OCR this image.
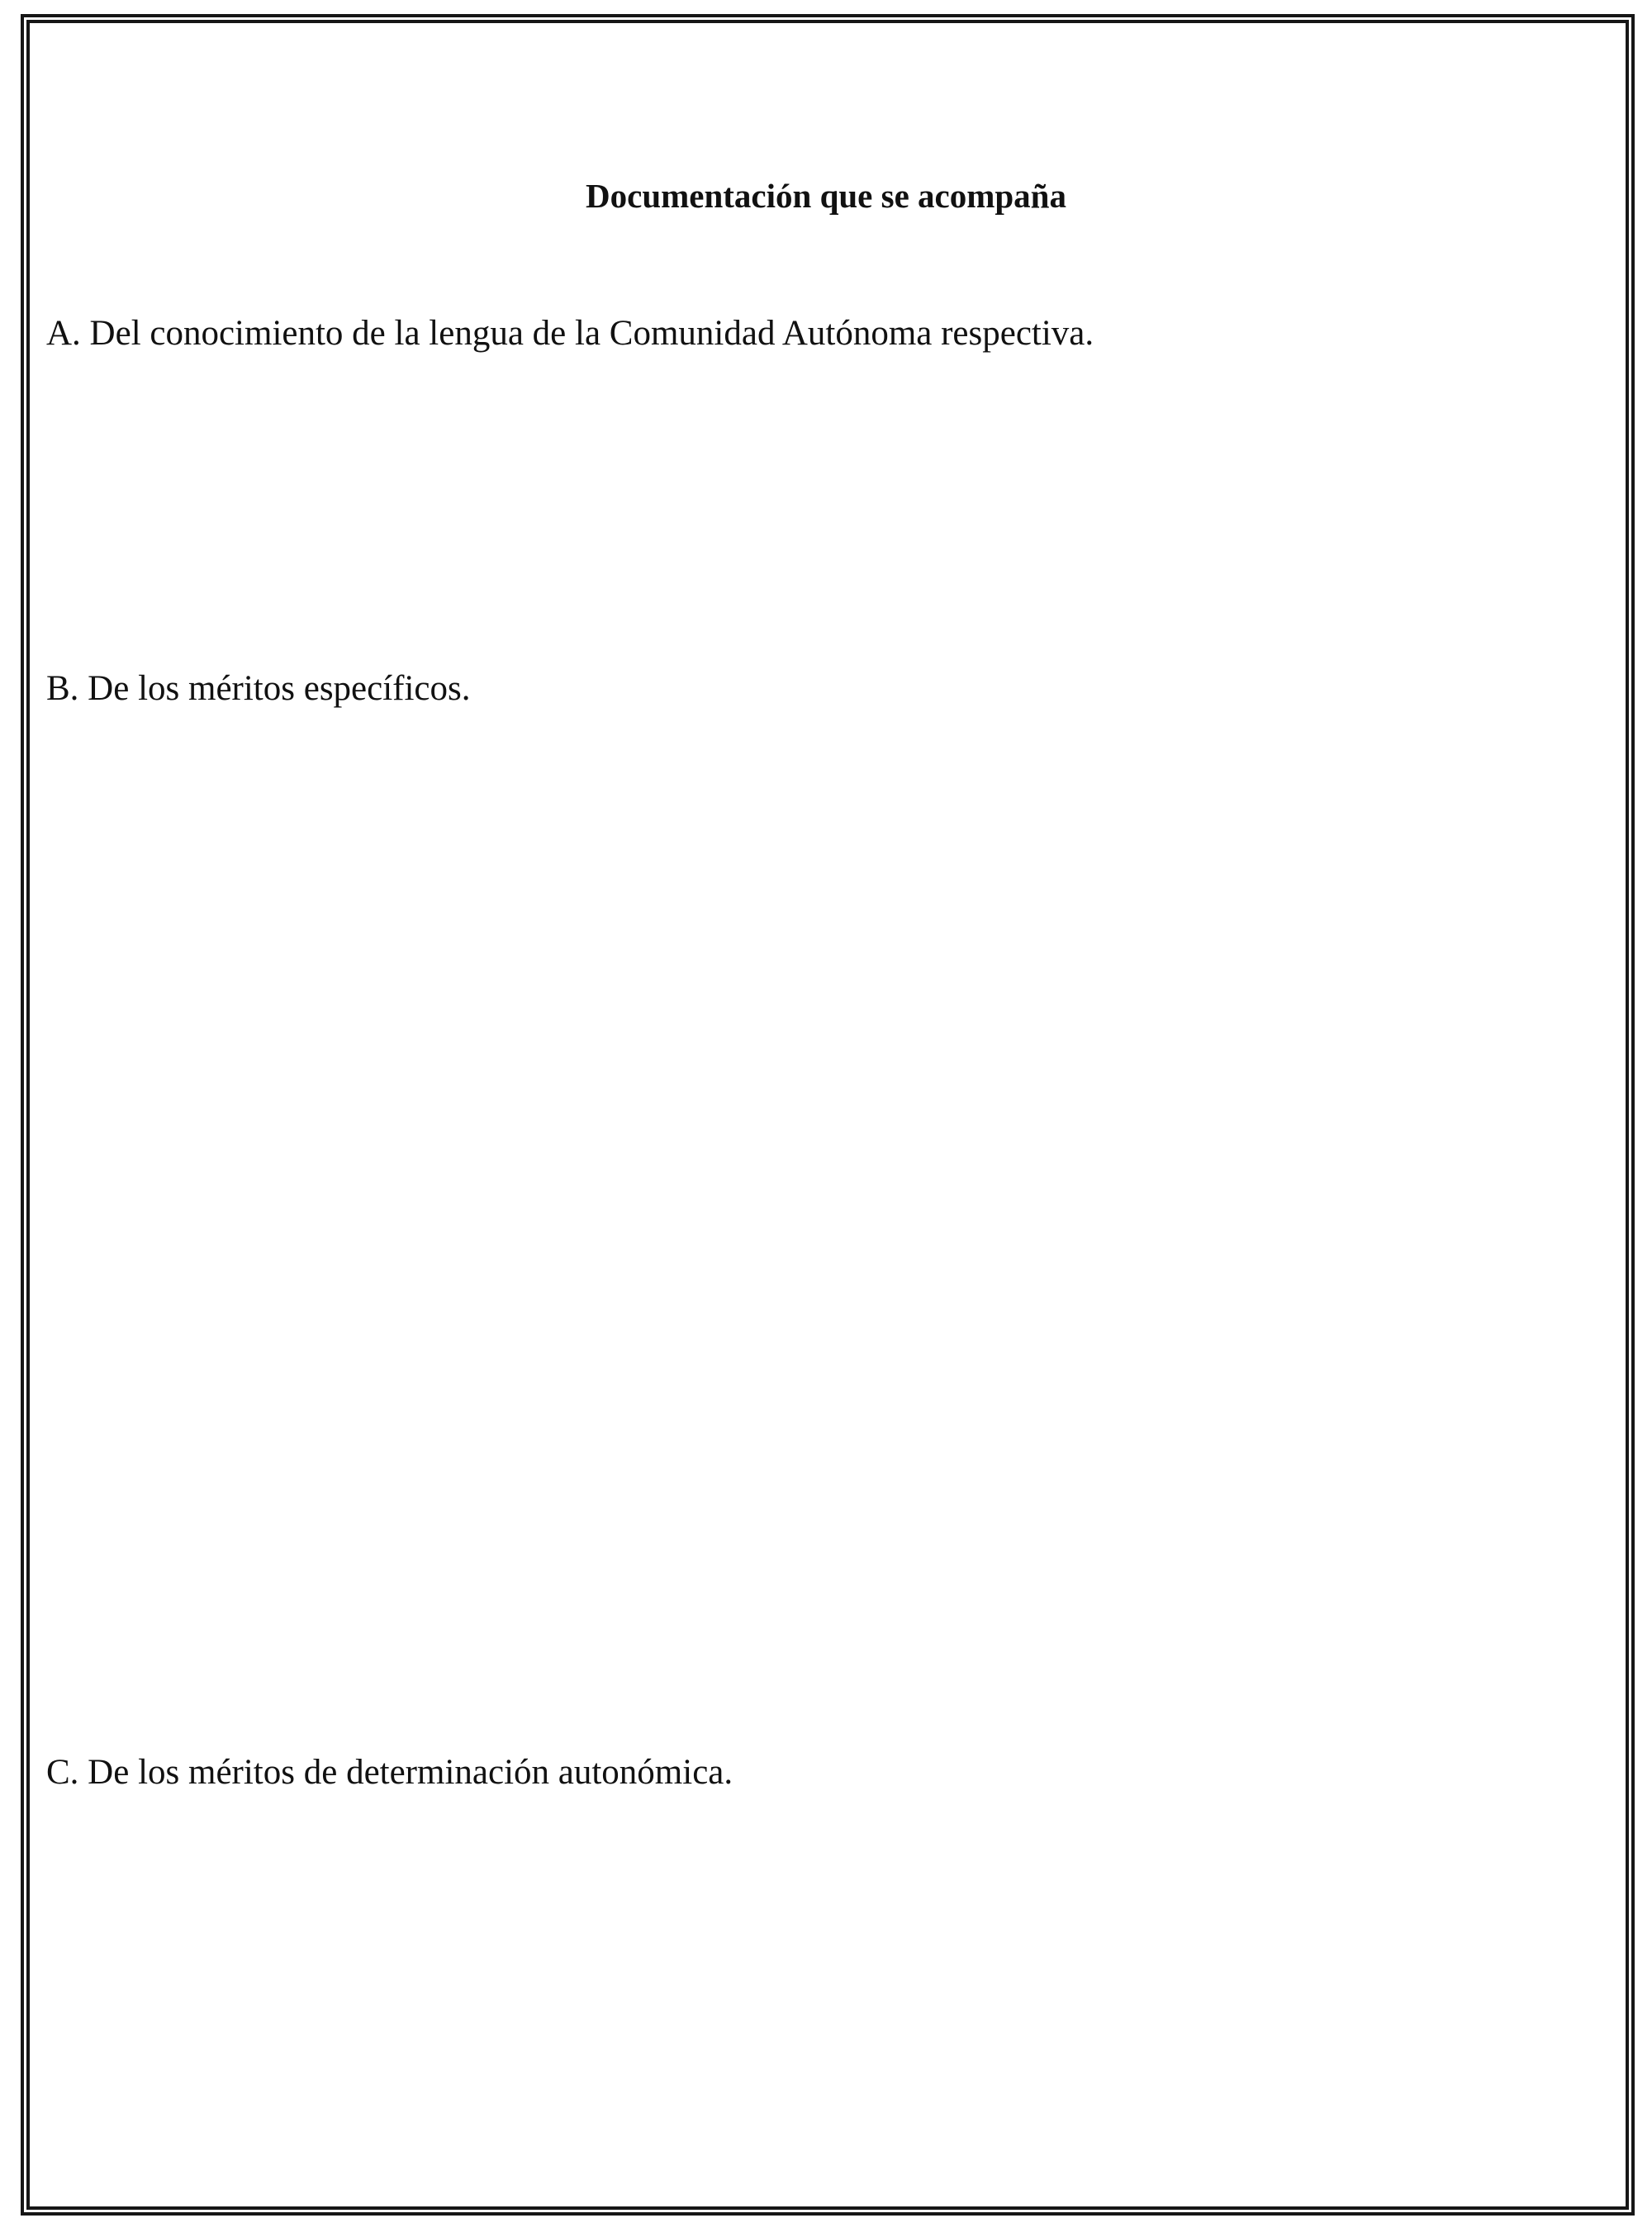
Documentación que se acompaña
A. Del conocimiento de la lengua de la Comunidad Autónoma respectiva.
B. De los méritos específicos.
C. De los méritos de determinación autonómica.
